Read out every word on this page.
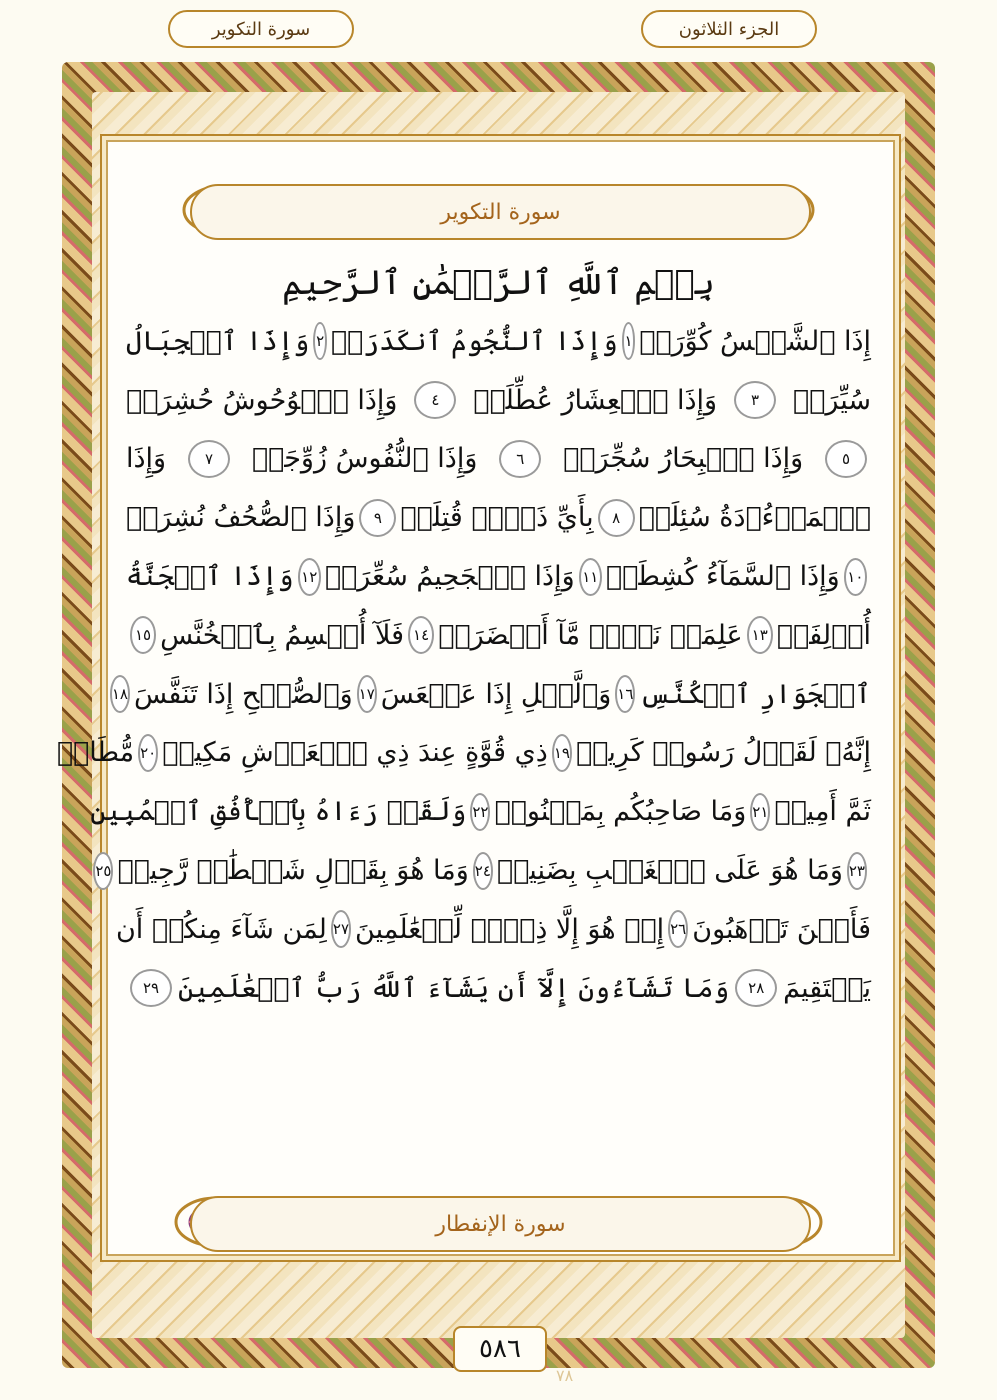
الجزء الثلاثون
سورة التكوير
سورة التكوير
بِسۡمِ ٱللَّهِ ٱلرَّحۡمَٰنِ ٱلرَّحِيمِ
إِذَا ٱلشَّمۡسُ كُوِّرَتۡ
١
وَإِذَا ٱلنُّجُومُ ٱنكَدَرَتۡ
٢
وَإِذَا ٱلۡجِبَالُ
سُيِّرَتۡ
٣
وَإِذَا ٱلۡعِشَارُ عُطِّلَتۡ
٤
وَإِذَا ٱلۡوُحُوشُ حُشِرَتۡ
٥
وَإِذَا ٱلۡبِحَارُ سُجِّرَتۡ
٦
وَإِذَا ٱلنُّفُوسُ زُوِّجَتۡ
٧
وَإِذَا
ٱلۡمَوۡءُۥدَةُ سُئِلَتۡ
٨
بِأَيِّ ذَنۢبٖ قُتِلَتۡ
٩
وَإِذَا ٱلصُّحُفُ نُشِرَتۡ
١٠
وَإِذَا ٱلسَّمَآءُ كُشِطَتۡ
١١
وَإِذَا ٱلۡجَحِيمُ سُعِّرَتۡ
١٢
وَإِذَا ٱلۡجَنَّةُ
أُزۡلِفَتۡ
١٣
عَلِمَتۡ نَفۡسٞ مَّآ أَحۡضَرَتۡ
١٤
فَلَآ أُقۡسِمُ بِٱلۡخُنَّسِ
١٥
ٱلۡجَوَارِ ٱلۡكُنَّسِ
١٦
وَٱلَّيۡلِ إِذَا عَسۡعَسَ
١٧
وَٱلصُّبۡحِ إِذَا تَنَفَّسَ
١٨
إِنَّهُۥ لَقَوۡلُ رَسُولٖ كَرِيمٖ
١٩
ذِي قُوَّةٍ عِندَ ذِي ٱلۡعَرۡشِ مَكِينٖ
٢٠
مُّطَاعٖ
ثَمَّ أَمِينٖ
٢١
وَمَا صَاحِبُكُم بِمَجۡنُونٖ
٢٢
وَلَقَدۡ رَءَاهُ بِٱلۡأُفُقِ ٱلۡمُبِينِ
٢٣
وَمَا هُوَ عَلَى ٱلۡغَيۡبِ بِضَنِينٖ
٢٤
وَمَا هُوَ بِقَوۡلِ شَيۡطَٰنٖ رَّجِيمٖ
٢٥
فَأَيۡنَ تَذۡهَبُونَ
٢٦
إِنۡ هُوَ إِلَّا ذِكۡرٞ لِّلۡعَٰلَمِينَ
٢٧
لِمَن شَآءَ مِنكُمۡ أَن
يَسۡتَقِيمَ
٢٨
وَمَا تَشَآءُونَ إِلَّآ أَن يَشَآءَ ٱللَّهُ رَبُّ ٱلۡعَٰلَمِينَ
٢٩
سورة الإنفطار
٥٨٦
٧٨
